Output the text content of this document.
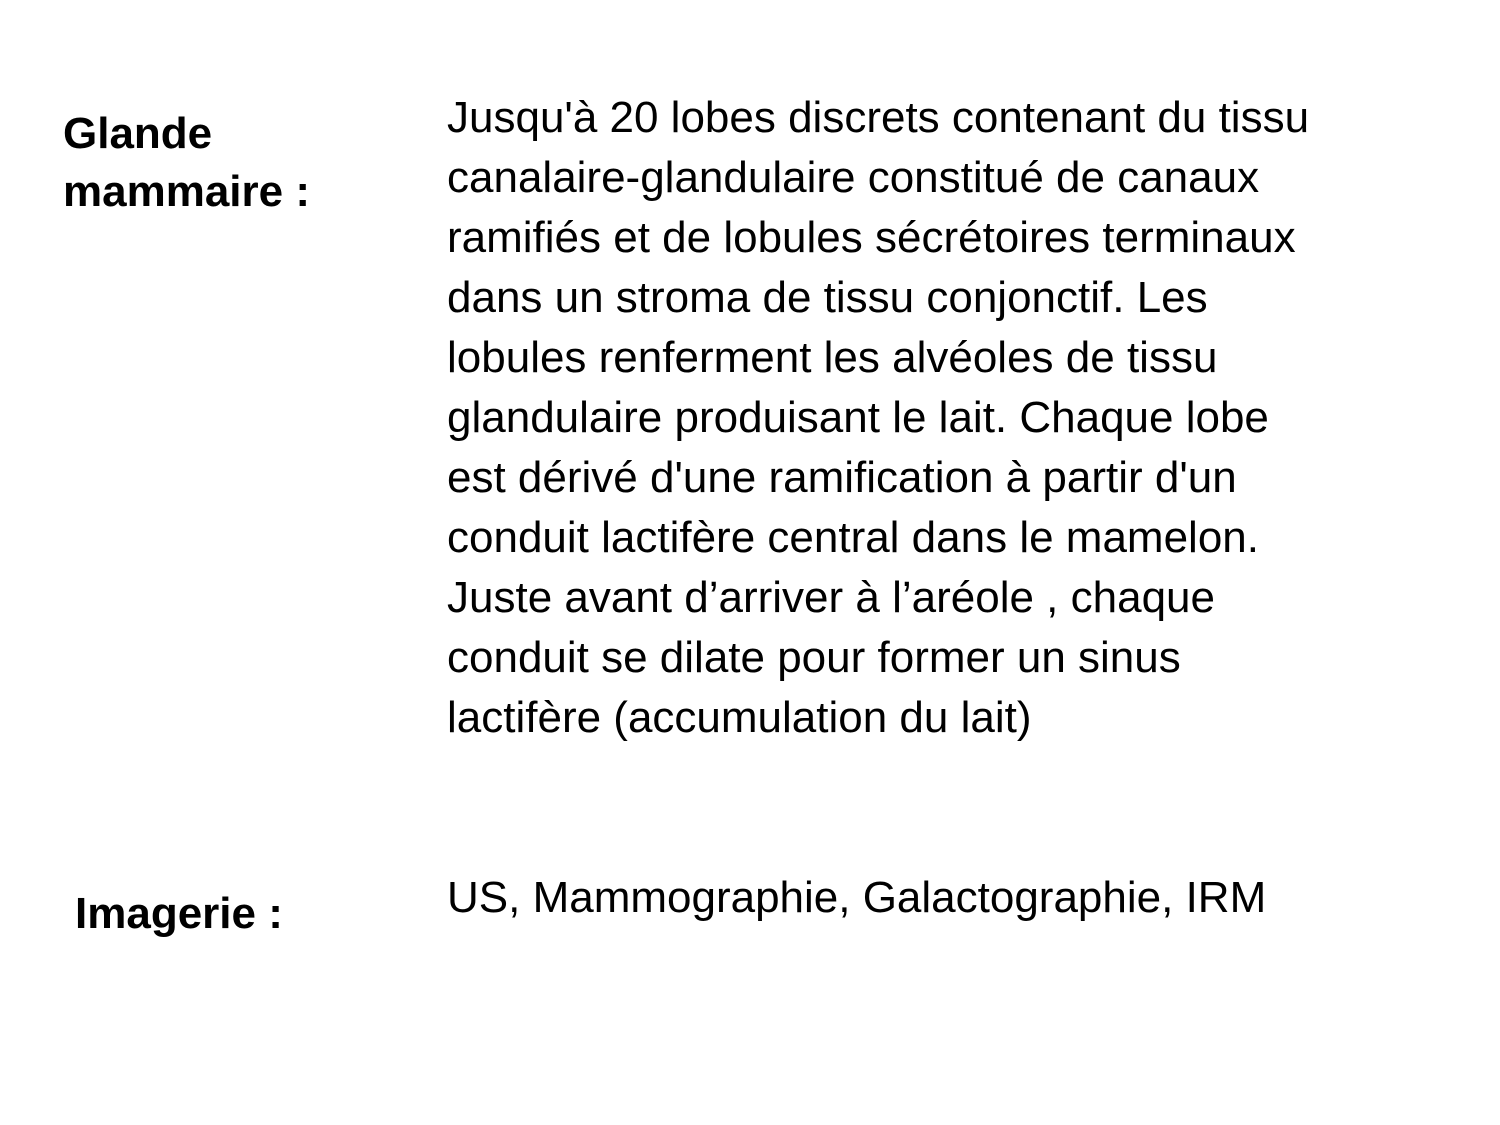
Glande
mammaire :
Jusqu'à 20 lobes discrets contenant du tissu
canalaire-glandulaire constitué de canaux
ramifiés et de lobules sécrétoires terminaux
dans un stroma de tissu conjonctif. Les
lobules renferment les alvéoles de tissu
glandulaire produisant le lait. Chaque lobe
est dérivé d'une ramification à partir d'un
conduit lactifère central dans le mamelon.
Juste avant d’arriver à l’aréole , chaque
conduit se dilate pour former un sinus
lactifère (accumulation du lait)
Imagerie :	US, Mammographie, Galactographie, IRM
